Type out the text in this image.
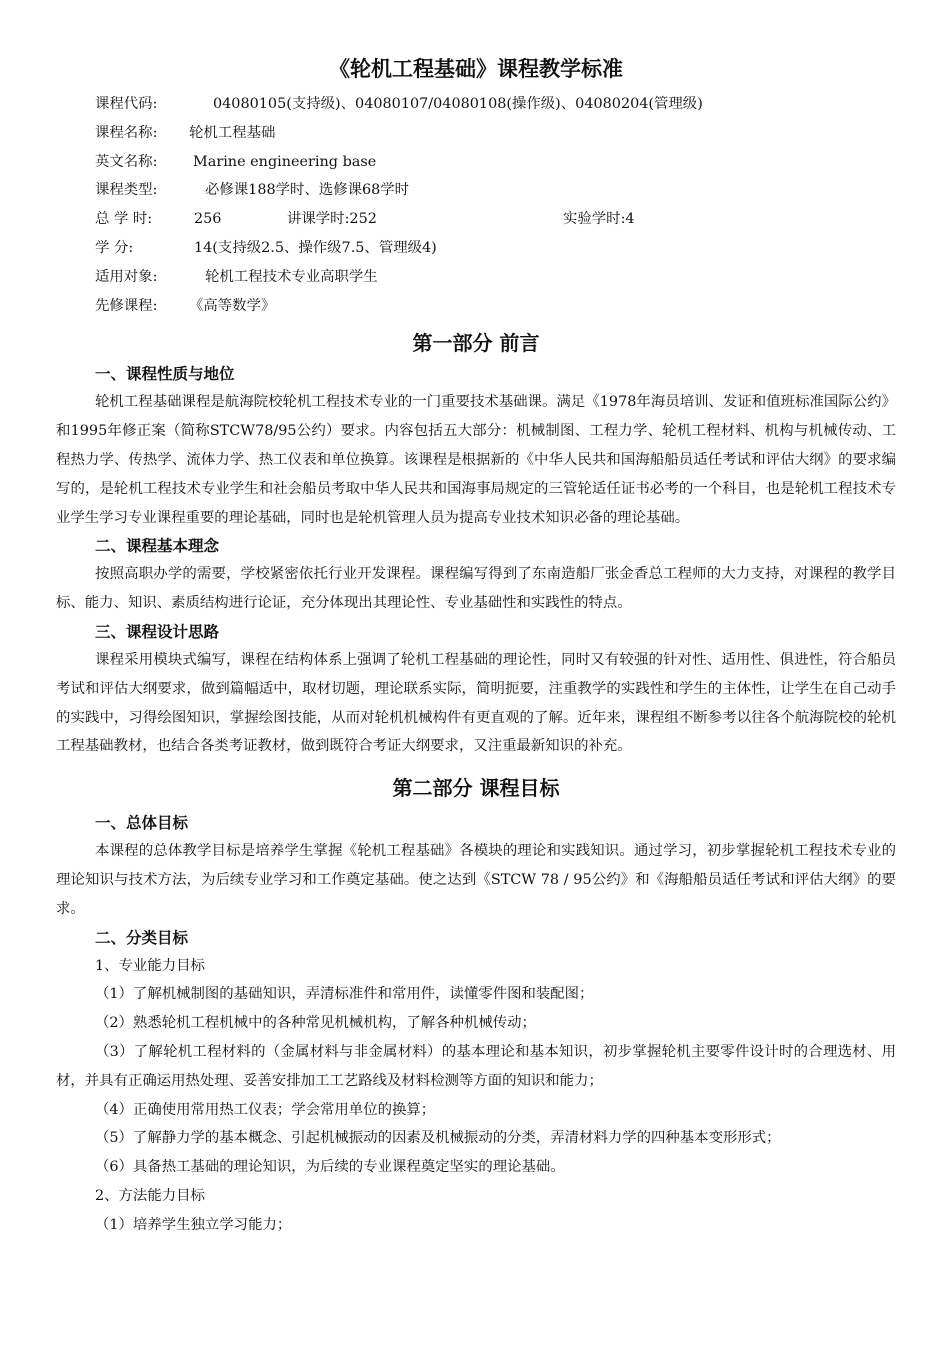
《轮机工程基础》课程教学标准
课程代码:	04080105(支持级)、04080107/04080108(操作级)、04080204(管理级)
课程名称: 轮机工程基础
英文名称: Marine engineering base
课程类型:	必修课188学时、选修课68学时
总 学 时:	256	讲课学时:252	实验学时:4
学 分:	14(支持级2.5、操作级7.5、管理级4)
适用对象:	轮机工程技术专业高职学生
先修课程: 《高等数学》
第一部分 前言
一、课程性质与地位

轮机工程基础课程是航海院校轮机工程技术专业的一门重要技术基础课。满足《1978年海员培训、发证和值班标准国际公约》和1995年修正案（简称STCW78/95公约）要求。内容包括五大部分：机械制图、工程力学、轮机工程材料、机构与机械传动、工程热力学、传热学、流体力学、热工仪表和单位换算。该课程是根据新的《中华人民共和国海船船员适任考试和评估大纲》的要求编写的，是轮机工程技术专业学生和社会船员考取中华人民共和国海事局规定的三管轮适任证书必考的一个科目，也是轮机工程技术专业学生学习专业课程重要的理论基础，同时也是轮机管理人员为提高专业技术知识必备的理论基础。

二、课程基本理念

按照高职办学的需要，学校紧密依托行业开发课程。课程编写得到了东南造船厂张金香总工程师的大力支持，对课程的教学目标、能力、知识、素质结构进行论证，充分体现出其理论性、专业基础性和实践性的特点。

三、课程设计思路

课程采用模块式编写，课程在结构体系上强调了轮机工程基础的理论性，同时又有较强的针对性、适用性、俱进性，符合船员考试和评估大纲要求，做到篇幅适中，取材切题，理论联系实际，简明扼要，注重教学的实践性和学生的主体性，让学生在自己动手的实践中，习得绘图知识，掌握绘图技能，从而对轮机机械构件有更直观的了解。近年来，课程组不断参考以往各个航海院校的轮机工程基础教材，也结合各类考证教材，做到既符合考证大纲要求，又注重最新知识的补充。

第二部分 课程目标
一、总体目标

本课程的总体教学目标是培养学生掌握《轮机工程基础》各模块的理论和实践知识。通过学习，初步掌握轮机工程技术专业的理论知识与技术方法，为后续专业学习和工作奠定基础。使之达到《STCW 78 / 95公约》和《海船船员适任考试和评估大纲》的要求。

二、分类目标

1、专业能力目标

（1）了解机械制图的基础知识，弄清标准件和常用件，读懂零件图和装配图；

（2）熟悉轮机工程机械中的各种常见机械机构，了解各种机械传动；

（3）了解轮机工程材料的（金属材料与非金属材料）的基本理论和基本知识，初步掌握轮机主要零件设计时的合理选材、用材，并具有正确运用热处理、妥善安排加工工艺路线及材料检测等方面的知识和能力；

（4）正确使用常用热工仪表；学会常用单位的换算；

（5）了解静力学的基本概念、引起机械振动的因素及机械振动的分类，弄清材料力学的四种基本变形形式；

（6）具备热工基础的理论知识，为后续的专业课程奠定坚实的理论基础。

2、方法能力目标

（1）培养学生独立学习能力；
